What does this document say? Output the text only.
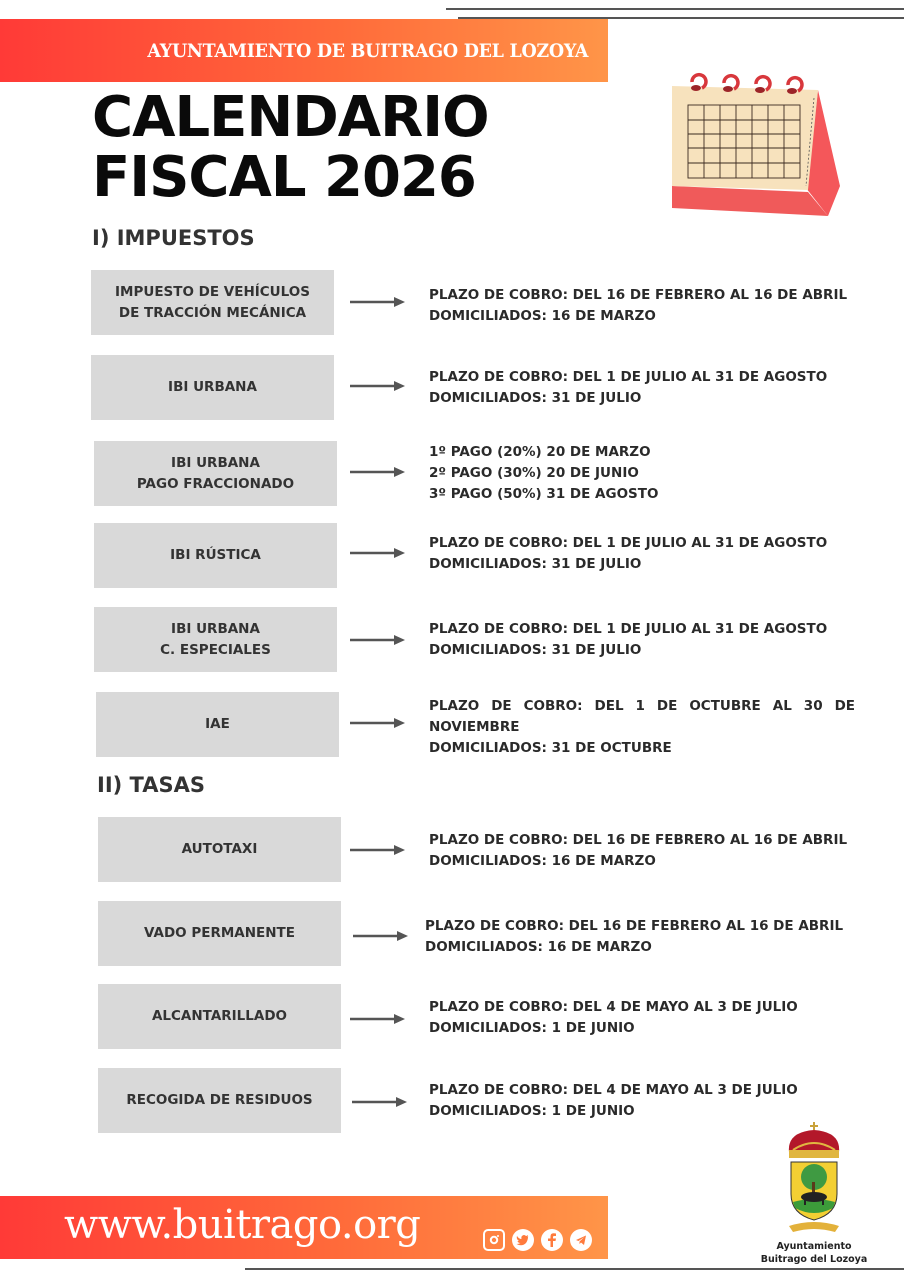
AYUNTAMIENTO DE BUITRAGO DEL LOZOYA
CALENDARIO
FISCAL 2026
I) IMPUESTOS
IMPUESTO DE VEHÍCULOS
DE TRACCIÓN MECÁNICA
PLAZO DE COBRO: DEL 16 DE FEBRERO AL 16 DE ABRIL
DOMICILIADOS: 16 DE MARZO
IBI URBANA
PLAZO DE COBRO: DEL 1 DE JULIO AL 31 DE AGOSTO
DOMICILIADOS: 31 DE JULIO
IBI URBANA
PAGO FRACCIONADO
1º PAGO (20%) 20 DE MARZO
2º PAGO (30%) 20 DE JUNIO
3º PAGO (50%) 31 DE AGOSTO
IBI RÚSTICA
PLAZO DE COBRO: DEL 1 DE JULIO AL 31 DE AGOSTO
DOMICILIADOS: 31 DE JULIO
IBI URBANA
C. ESPECIALES
PLAZO DE COBRO: DEL 1 DE JULIO AL 31 DE AGOSTO
DOMICILIADOS: 31 DE JULIO
IAE
PLAZO DE COBRO: DEL 1 DE OCTUBRE AL 30 DE NOVIEMBRE
DOMICILIADOS: 31 DE OCTUBRE
II) TASAS
AUTOTAXI
PLAZO DE COBRO: DEL 16 DE FEBRERO AL 16 DE ABRIL
DOMICILIADOS: 16 DE MARZO
VADO PERMANENTE	PLAZO DE COBRO: DEL 16 DE FEBRERO AL 16 DE ABRIL
DOMICILIADOS: 16 DE MARZO
ALCANTARILLADO
PLAZO DE COBRO: DEL 4 DE MAYO AL 3 DE JULIO
DOMICILIADOS: 1 DE JUNIO
RECOGIDA DE RESIDUOS
PLAZO DE COBRO: DEL 4 DE MAYO AL 3 DE JULIO
DOMICILIADOS: 1 DE JUNIO
Ayuntamiento
Buitrago del Lozoya
www.buitrago.org
